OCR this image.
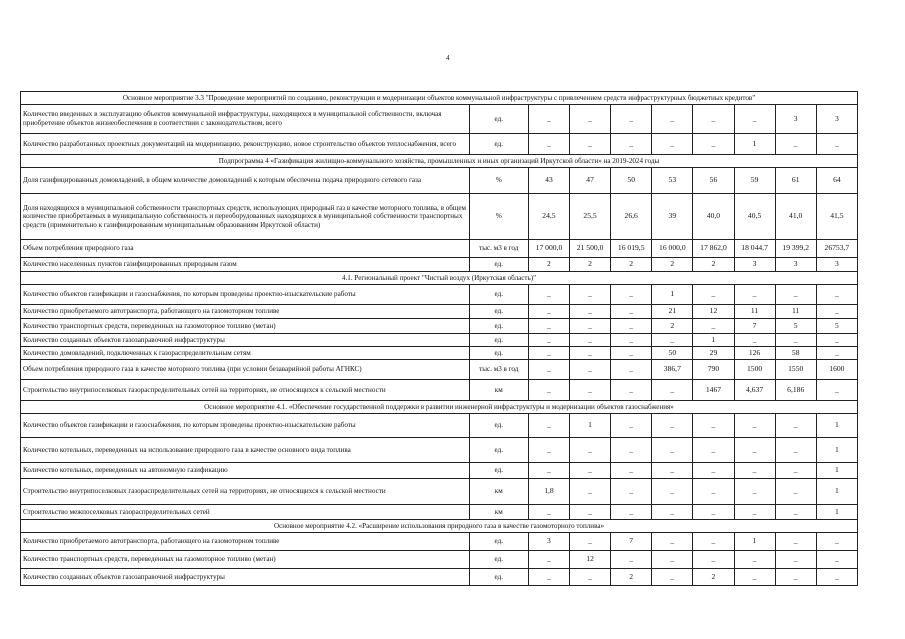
4
Основное мероприятие 3.3 "Проведение мероприятий по созданию, реконструкции и модернизации объектов коммунальной инфраструктуры с привлечением средств инфраструктурных бюджетных кредитов"									
Количество введенных в эксплуатацию объектов коммунальной инфраструктуры, находящихся в муниципальной собственности, включая приобретение объектов жизнеобеспечения в соответствии с законодательством, всего	ед.	_	_	_	_	_	_	3	3
Количество разработанных проектных документаций на модернизацию, реконструкцию, новое строительство объектов теплоснабжения, всего	ед.	_	_	_	_	_	1	_	_
Подпрограмма 4 «Газификация жилищно-коммунального хозяйства, промышленных и иных организаций Иркутской области» на 2019-2024 годы									
Доля газифицированных домовладений, в общем количестве домовладений к которым обеспечена подача природного сетевого газа	%	43	47	50	53	56	59	61	64
Доля находящихся в муниципальной собственности транспортных средств, использующих природный газ в качестве моторного топлива, в общем количестве приобретаемых в муниципальную собственность и переоборудованных находящихся в муниципальной собственности транспортных средств (применительно к газифицированным муниципальным образованиям Иркутской области)	%	24,5	25,5	26,6	39	40,0	40,5	41,0	41,5
Объем потребления природного газа	тыс. м3 в год	17 000,0	21 500,0	16 019,5	16 000,0	17 862,0	18 044,7	19 399,2	26753,7
Количество населенных пунктов газифицированных природным газом	ед.	2	2	2	2	2	3	3	3
4.1. Региональный проект "Чистый воздух (Иркутская область)"									
Количество объектов газификации и газоснабжения, по которым проведены проектно-изыскательские работы	ед.	_	_	_	1	_	_	_	_
Количество приобретаемого автотранспорта, работающего на газомоторном топливе	ед.	_	_	_	21	12	11	11	_
Количество транспортных средств, переведенных на газомоторное топливо (метан)	ед.	_	_	_	2	_	7	5	5
Количество созданных объектов газозаправочной инфраструктуры	ед.	_	_	_	_	1	_	_	_
Количество домовладений, подключенных к газораспределительным сетям	ед.	_	_	_	50	29	126	58	_
Объем потребления природного газа в качестве моторного топлива (при условии безаварийной работы АГНКС)	тыс. м3 в год	_	_	_	386,7	790	1500	1550	1600
Строительство внутрипоселковых газораспределительных сетей на территориях, не относящихся к сельской местности	км	_	_	_	_	1467	4,637	6,186	_
Основное мероприятие 4.1. «Обеспечение государственной поддержки в развитии инженерной инфраструктуры и модернизации объектов газоснабжения»									
Количество объектов газификации и газоснабжения, по которым проведены проектно-изыскательские работы	ед.	_	1	_	_	_	_	_	1
Количество котельных, переведенных на использование природного газа в качестве основного вида топлива	ед.	_	_	_	_	_	_	_	1
Количество котельных, переведенных на автономную газификацию	ед.	_	_	_	_	_	_	_	1
Строительство внутрипоселковых газораспределительных сетей на территориях, не относящихся к сельской местности	км	1,8	_	_	_	_	_	_	1
Строительство межпоселковых газораспределительных сетей	км	_	_	_	_	_	_	_	1
Основное мероприятие 4.2. «Расширение использования природного газа в качестве газомоторного топлива»									
Количество приобретаемого автотранспорта, работающего на газомоторном топливе	ед.	3	_	7	_	_	1	_	_
Количество транспортных средств, переведенных на газомоторное топливо (метан)	ед.	_	12	_	_	_	_	_	_
Количество созданных объектов газозаправочной инфраструктуры	ед.	_	_	2	_	2	_	_	_
